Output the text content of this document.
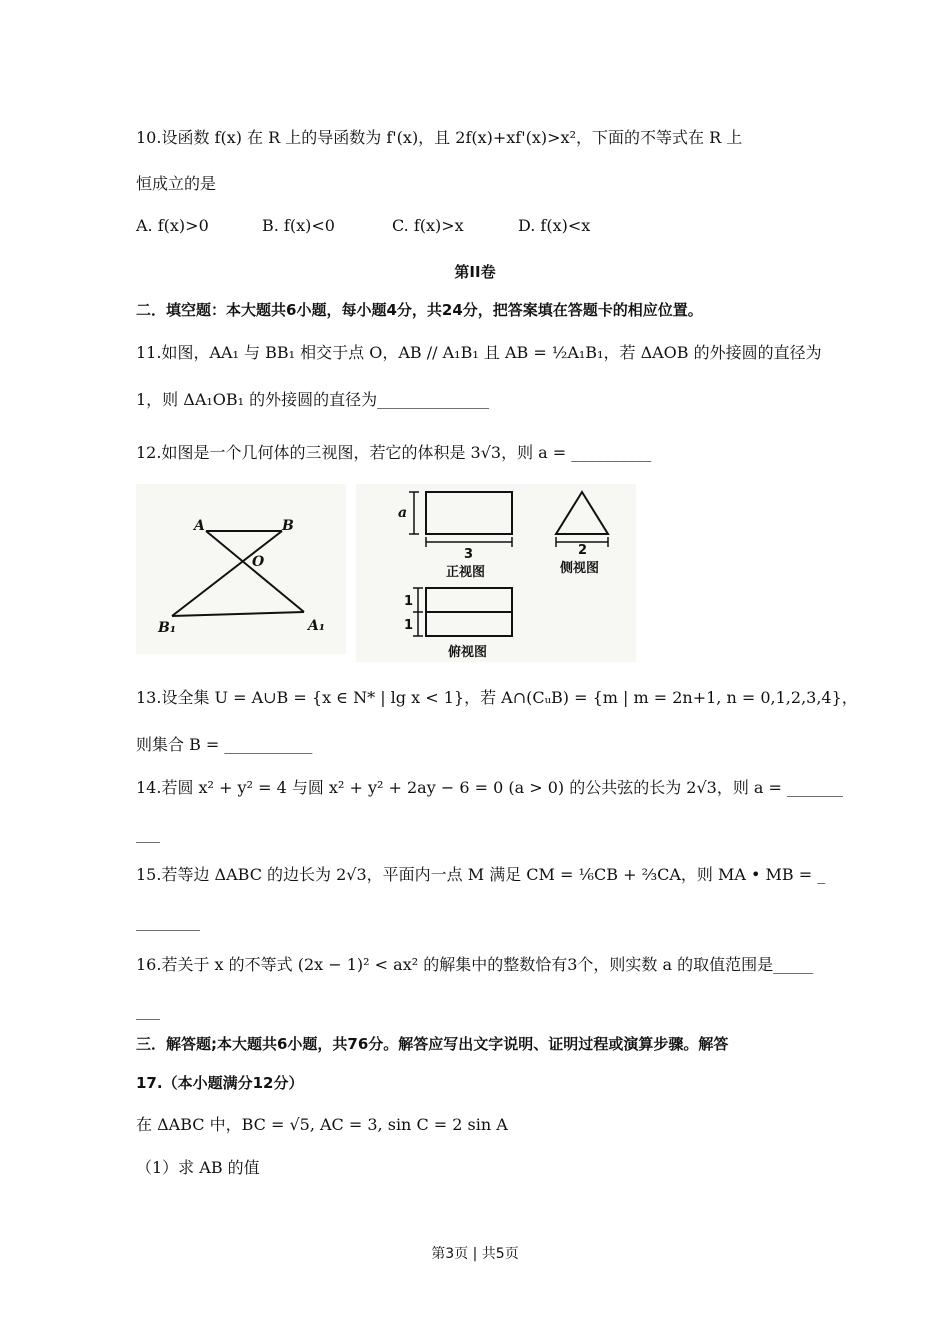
10.设函数 f(x) 在 R 上的导函数为 f'(x)，且 2f(x)+xf'(x)>x²，下面的不等式在 R 上
恒成立的是
A. f(x)>0	B. f(x)<0	C. f(x)>x	D. f(x)<x
第II卷
二．填空题：本大题共6小题，每小题4分，共24分，把答案填在答题卡的相应位置。
11.如图，AA₁ 与 BB₁ 相交于点 O，AB // A₁B₁ 且 AB = ½A₁B₁，若 ΔAOB 的外接圆的直径为
1，则 ΔA₁OB₁ 的外接圆的直径为______________
12.如图是一个几何体的三视图，若它的体积是 3√3，则 a = __________
A	B
O
B₁	A₁
a
3
正视图
2
侧视图
1
1
俯视图
13.设全集 U = A∪B = {x ∈ N* | lg x < 1}，若 A∩(CᵤB) = {m | m = 2n+1, n = 0,1,2,3,4}，
则集合 B = ___________
14.若圆 x² + y² = 4 与圆 x² + y² + 2ay − 6 = 0 (a > 0) 的公共弦的长为 2√3，则 a = _______
___
15.若等边 ΔABC 的边长为 2√3，平面内一点 M 满足 CM = ⅙CB + ⅔CA，则 MA • MB = _
________
16.若关于 x 的不等式 (2x − 1)² < ax² 的解集中的整数恰有3个，则实数 a 的取值范围是_____
___
三．解答题;本大题共6小题，共76分。解答应写出文字说明、证明过程或演算步骤。解答
17.（本小题满分12分）
在 ΔABC 中，BC = √5, AC = 3, sin C = 2 sin A
（1）求 AB 的值
第3页 | 共5页
